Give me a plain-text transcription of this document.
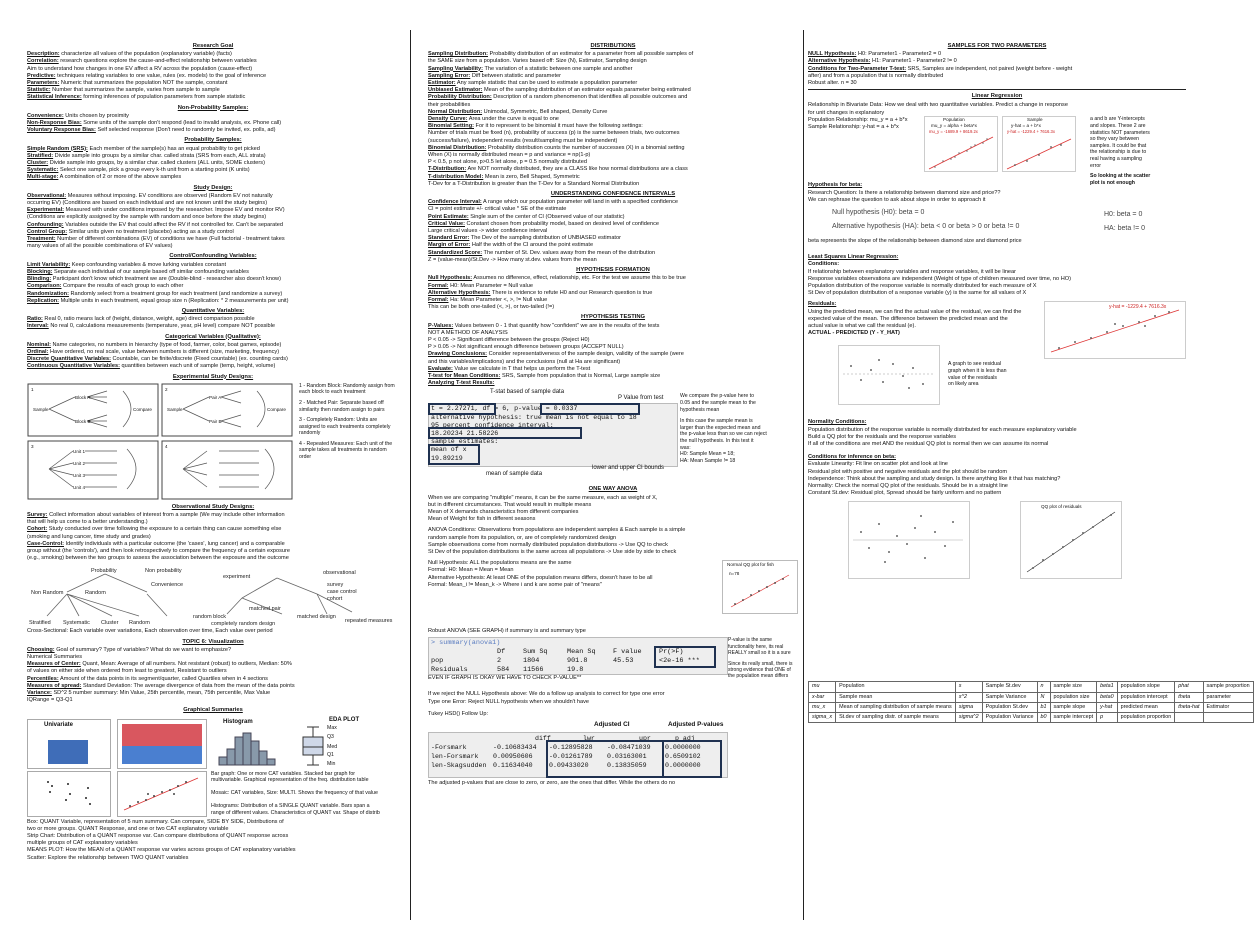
Research Goal
Description: characterize all values of the population (explanatory variable) (facts)
Correlation: research questions explore the cause-and-effect relationship between variables
Aim to understand how changes in one EV affect a RV across the population (cause-effect)
Predictive: techniques relating variables to one value, rules (ex. models) to the goal of inference
Parameters: Numeric that summarizes the population NOT the sample, constant
Statistic: Number that summarizes the sample, varies from sample to sample
Statistical Inference: forming inferences of population parameters from sample statistic
Non-Probability Samples:
Convenience: Units chosen by proximity
Non-Response Bias: Some units of the sample don't respond (lead to invalid analysis, ex. Phone call)
Voluntary Response Bias: Self selected response (Don't need to randomly be invited, ex. polls, ad)
Probability Samples:
Simple Random (SRS): Each member of the sample(s) has an equal probability to get picked
Stratified: Divide sample into groups by a similar char. called strata (SRS from each, ALL strata)
Cluster: Divide sample into groups, by a similar char. called clusters (ALL units, SOME clusters)
Systematic: Select one sample, pick a group every k-th unit from a starting point (K units)
Multi-stage: A combination of 2 or more of the above samples
Study Design:
Observational: Measures without imposing. EV conditions are observed (Random EV not naturally
occurring EV) (Conditions are based on each individual and are not known until the study begins)
Experimental: Measured with under conditions imposed by the researcher. Impose EV and monitor RV)
(Conditions are explicitly assigned by the sample with random and once before the study begins)
Confounding: Variables outside the EV that could affect the RV if not controlled for. Can't be separated
Control Group: Similar units given no treatment (placebo) acting as a study control
Treatment: Number of different combinations (EV) of conditions we have (Full factorial - treatment takes
many values of all the possible combinations of EV values)
Control/Confounding Variables:
Limit Variability: Keep confounding variables & move lurking variables constant
Blocking: Separate each individual of our sample based off similar confounding variables
Blinding: Participant don't know which treatment we are (Double-blind - researcher also doesn't know)
Comparison: Compare the results of each group to each other
Randomization: Randomly select from a treatment group for each treatment (and randomize a survey)
Replication: Multiple units in each treatment, equal group size n (Replication: * 2 measurements per unit)
Quantitative Variables:
Ratio: Real 0, ratio means lack of (height, distance, weight, age) direct comparison possible
Interval: No real 0, calculations measurements (temperature, year, pH level) compare NOT possible
Categorical Variables (Qualitative):
Nominal: Name categories, no numbers in hierarchy (type of food, farmer, color, boat games, episode)
Ordinal: Have ordered, no real scale, value between numbers is different (size, marketing, frequency)
Discrete Quantitative Variables: Countable, can be finite/discrete (Fixed countable) (ex. counting cards)
Continuous Quantitative Variables: quantities between each unit of sample (temp, height, volume)
Experimental Study Designs:
1	2
3	4
Sample
Block A
Block B
Compare	Sample
Pair A
Pair B
Compare
Unit 1
Unit 2
Unit 3
Unit 4
1 - Random Block: Randomly assign from each block to each treatment
2 - Matched Pair: Separate based off similarity then random assign to pairs
3 - Completely Random: Units are assigned to each treatments completely randomly
4 - Repeated Measures: Each unit of the sample takes all treatments in random order
Observational Study Designs:
Survey: Collect information about variables of interest from a sample (We may include other information
that will help us come to a better understanding.)
Cohort: Study conducted over time following the exposure to a certain thing can cause something else
(smoking and lung cancer, time study and grades)
Case-Control: Identify individuals with a particular outcome (the 'cases', lung cancer) and a comparable
group without (the 'controls'), and then look retrospectively to compare the frequency of a certain exposure
(e.g., smoking) between the two groups to assess the association between the exposure and the outcome
Probability	Non probability
Convenience
Non Random	Random
Stratified Systematic Cluster Random
experiment
observational
survey
case control
cohort
random block
matched pair
completely random design
matched design
repeated measures
Cross-Sectional: Each variable over variations, Each observation over time, Each value over period
TOPIC 6: Visualization
Choosing: Goal of summary? Type of variables? What do we want to emphasize?
Numerical Summaries
Measures of Center: Quant, Mean: Average of all numbers. Not resistant (robust) to outliers, Median: 50%
of values on either side when ordered from least to greatest, Resistant to outliers
Percentiles: Amount of the data points in its segment/quarter, called Quartiles when in 4 sections
Measures of spread: Standard Deviation: The average divergence of data from the mean of the data points
Variance: SD^2 5 number summary: Min Value, 25th percentile, mean, 75th percentile, Max Value
IQRange = Q3-Q1
Graphical Summaries
Univariate	Histogram	EDA PLOT
Max
Q3
Med
Q1
Min
Bar graph: One or more CAT variables. Stacked bar graph for
multivariable. Graphical representation of the freq. distribution table
Mosaic: CAT variables, Size: MULTI. Shows the frequency of that value
Histograms: Distribution of a SINGLE QUANT variable. Bars span a
range of different values. Characteristics of QUANT var. Shape of distrib
Box: QUANT Variable, representation of 5 num summary. Can compare, SIDE BY SIDE, Distributions of
two or more groups. QUANT Response, and one or two CAT explanatory variable
Strip Chart: Distribution of a QUANT response var. Can compare distributions of QUANT response across
multiple groups of CAT explanatory variables
MEANS PLOT: How the MEAN of a QUANT response var varies across groups of CAT explanatory variables
Scatter: Explore the relationship between TWO QUANT variables
DISTRIBUTIONS
Sampling Distribution: Probability distribution of an estimator for a parameter from all possible samples of
the SAME size from a population. Varies based off: Size (N), Estimator, Sampling design
Sampling Variability: The variation of a statistic between one sample and another
Sampling Error: Diff between statistic and parameter
Estimator: Any sample statistic that can be used to estimate a population parameter
Unbiased Estimator: Mean of the sampling distribution of an estimator equals parameter being estimated
Probability Distribution: Description of a random phenomenon that identifies all possible outcomes and
their probabilities
Normal Distribution: Unimodal, Symmetric, Bell shaped, Density Curve
Density Curve: Area under the curve is equal to one
Binomial Setting: For it to represent to be binomial it must have the following settings:
Number of trials must be fixed (n), probability of success (p) is the same between trials, two outcomes
(success/failure), independent results (result/sampling must be independent)
Binomial Distribution: Probability distribution counts the number of successes (X) in a binomial setting
When (X) is normally distributed mean = p and variance = np(1-p)
P < 0.5, p not alone, p>0.5 let alone, p = 0.5 normally distributed
T-Distribution: Are NOT normally distributed, they are a CLASS like how normal distributions are a class
T-distribution Model: Mean is zero, Bell Shaped, Symmetric
T-Dev for a T-Distribution is greater than the T-Dev for a Standard Normal Distribution
UNDERSTANDING CONFIDENCE INTERVALS
Confidence Interval: A range which our population parameter will land in with a specified confidence
CI = point estimate +/- critical value * SE of the estimate
Point Estimate: Single sum of the center of CI (Observed value of our statistic)
Critical Value: Constant chosen from probability model, based on desired level of confidence
Large critical values -> wider confidence interval
Standard Error: The Dev of the sampling distribution of UNBIASED estimator
Margin of Error: Half the width of the CI around the point estimate
Standardized Score: The number of St. Dev. values away from the mean of the distribution
Z = (value-mean)/St.Dev -> How many st.dev. values from the mean
HYPOTHESIS FORMATION
Null Hypothesis: Assumes no difference, effect, relationship, etc. For the test we assume this to be true
Formal: H0: Mean Parameter = Null value
Alternative Hypothesis: There is evidence to refute H0 and our Research question is true
Formal: Ha: Mean Parameter <, >, != Null value
This can be both one-tailed (<, >), or two-tailed (!=)
HYPOTHESIS TESTING
P-Values: Values between 0 - 1 that quantify how "confident" we are in the results of the tests
NOT A METHOD OF ANALYSIS
P < 0.05 -> Significant difference between the groups (Reject H0)
P > 0.05 -> Not significant enough difference between groups (ACCEPT NULL)
Drawing Conclusions: Consider representativeness of the sample design, validity of the sample (were
and this variables/implications) and the conclusions (null at Ha are significant)
Evaluate: Value we calculate in T that helps us perform the T-test
T-test for Mean Conditions: SRS, Sample from population that is Normal, Large sample size
Analyzing T-test Results:
T-stat based of sample data
P Value from test
t = 2.27271, df = 6, p-value = 0.0337
alternative hypothesis: true mean is not equal to 18
95 percent confidence interval:
18.20234 21.58226
sample estimates:
mean of x
19.89219
lower and upper CI bounds
mean of sample data
We compare the p-value here to
0.05 and the sample mean to the
hypothesis mean
In this case the sample mean is
larger than the expected mean and
the p-value less than so we can reject
the null hypothesis. In this test it
was:
H0: Sample Mean = 18;
HA: Mean Sample != 18
ONE WAY ANOVA
When we are comparing "multiple" means, it can be the same measure, each as weight of X,
but in different circumstances. That would result in multiple means
Mean of X demands characteristics from different companies
Mean of Weight for fish in different seasons
ANOVA Conditions: Observations from populations are independent samples & Each sample is a simple
random sample from its population, or, are of completely randomized design
Sample observations come from normally distributed population distributions -> Use QQ to check
St Dev of the population distributions is the same across all populations -> Use side by side to check
Null Hypothesis: ALL the populations means are the same
Formal: H0: Mean = Mean = Mean
Alternative Hypothesis: At least ONE of the population means differs, doesn't have to be all
Formal: Mean_i != Mean_k -> Where i and k are some pair of "means"
Normal QQ plot for fish
n=78
Robust ANOVA (SEE GRAPH) if summary is and summary type
> summary(anova1)
Df	Sum Sq	Mean Sq	F value	Pr(>F)
pop	2	1804	901.8	45.53	<2e-16 ***
Residuals	584 11566	19.8
P-value is the same
functionality here, its real
REALLY small so it is a sure
Since its really small, there is
strong evidence that ONE of
the population mean differs
EVEN IF GRAPH IS OKAY WE HAVE TO CHECK P-VALUE**
If we reject the NULL Hypothesis above: We do a follow up analysis to correct for type one error
Type one Error: Reject NULL hypothesis when we shouldn't have
Tukey HSD() Follow Up:
Adjusted CI	Adjusted P-values
diff	lwr	upr	p adj
-Forsmark	-0.10683434 -0.12895828 -0.08471039 0.0000000
len-Forsmark 0.00950606 -0.01261789 0.03163001	0.6509102
len-Skagsudden 0.11634040 0.09433020	0.13835059	0.0000000
The adjusted p-values that are close to zero, or zero, are the ones that differ. While the others do no
SAMPLES FOR TWO PARAMETERS
NULL Hypothesis: H0: Parameter1 - Parameter2 = 0
Alternative Hypothesis: H1: Parameter1 - Parameter2 != 0
Conditions for Two-Parameter T-test: SRS, Samples are independent, not paired (weight before - weight
after) and from a population that is normally distributed
Robust alter. n = 30
Linear Regression
Relationship in Bivariate Data: How we deal with two quantitative variables. Predict a change in response
for unit changes in explanatory
Population Relationship: mu_y = a + b*x
Sample Relationship: y-hat = a + b*x
Population
mu_y = alpha + beta*x
mu_y = -1689.9 + 8619.2x
Sample
y-hat = a + b*x
y-hat = -1229.4 + 7616.3x
a and b are Y-intercepts
and slopes. These 2 are
statistics NOT parameters
so they vary between
samples. It could be that
the relationship is due to
real having a sampling
error
So looking at the scatter
plot is not enough
Hypothesis for beta:
Research Question: Is there a relationship between diamond size and price??
We can rephrase the question to ask about slope in order to approach it
Null hypothesis (H0): beta = 0
Alternative hypothesis (HA): beta < 0 or beta > 0 or beta != 0
H0: beta = 0
HA: beta != 0
beta represents the slope of the relationship between diamond size and diamond price
Least Squares Linear Regression:
Conditions:
If relationship between explanatory variables and response variables, it will be linear
Response variables observations are independent (Weight of type of children measured over time, no HO)
Population distribution of the response variable is normally distributed for each measure of X
St Dev of population distribution of a response variable (y) is the same for all values of X
Residuals:
Using the predicted mean, we can find the actual value of the residual, we can find the
expected value of the mean. The difference between the predicted mean and the
actual value is what we call the residual (e).
ACTUAL - PREDICTED (Y - Y_HAT)
y-hat = -1229.4 + 7616.3x
A graph to see residual
graph when it is less than
value of the residuals
on likely area
Normality Conditions:
Population distribution of the response variable is normally distributed for each measure explanatory variable
Build a QQ plot for the residuals and the response variables
If all of the conditions are met AND the residual QQ plot is normal then we can assume its normal
Conditions for inference on beta:
Evaluate Linearity: Fit line on scatter plot and look at line
Residual plot with positive and negative residuals and the plot should be random
Independence: Think about the sampling and study design. Is there anything like it that has matching?
Normality: Check the normal QQ plot of the residuals. Should be in a straight line
Constant St.dev: Residual plot, Spread should be fairly uniform and no pattern
QQ plot of residuals
mu	Population	s	Sample St.dev	n	sample size	beta1	population slope	phat	sample proportion
x-bar	Sample mean	s^2	Sample Variance	N	population size	beta0	population intercept	theta	parameter
mu_x	Mean of sampling distribution of sample means	sigma	Population St.dev	b1	sample slope	y-hat	predicted mean	theta-hat	Estimator
sigma_x	St.dev of sampling distr. of sample means	sigma^2	Population Variance	b0	sample intercept	p	population proportion		
